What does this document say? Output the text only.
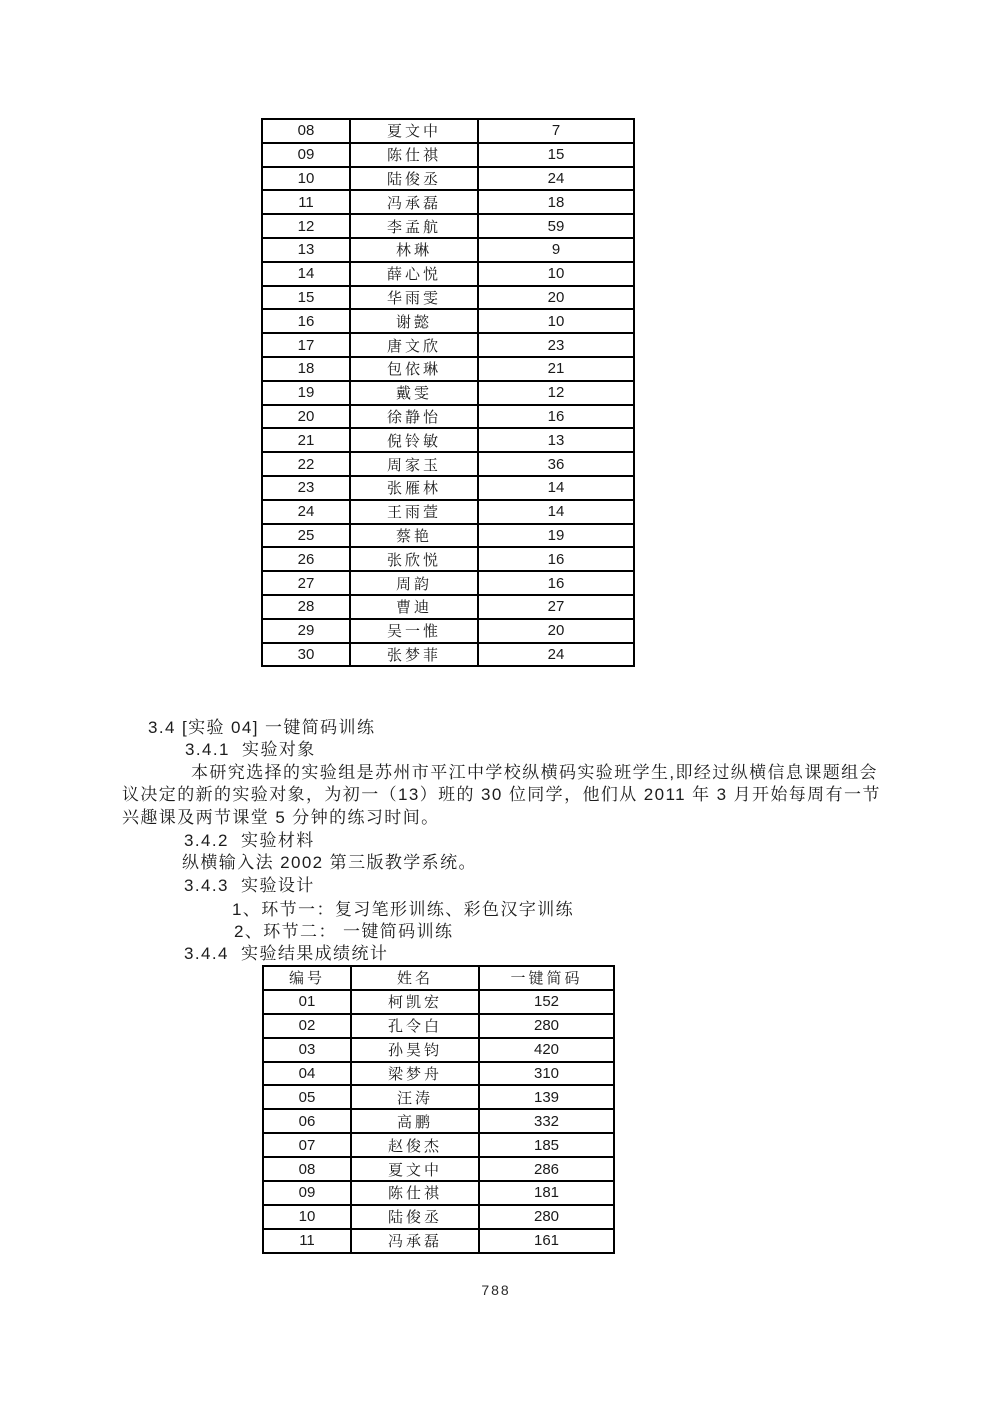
08	夏文中	7
09	陈仕祺	15
10	陆俊丞	24
11	冯承磊	18
12	李孟航	59
13	林琳	9
14	薛心悦	10
15	华雨雯	20
16	谢懿	10
17	唐文欣	23
18	包依琳	21
19	戴雯	12
20	徐静怡	16
21	倪铃敏	13
22	周家玉	36
23	张雁林	14
24	王雨萱	14
25	蔡艳	19
26	张欣悦	16
27	周韵	16
28	曹迪	27
29	吴一惟	20
30	张梦菲	24
3.4 [实验 04] 一键简码训练
3.4.1  实验对象
本研究选择的实验组是苏州市平江中学校纵横码实验班学生,即经过纵横信息课题组会
议决定的新的实验对象，为初一（13）班的 30 位同学，他们从 2011 年 3 月开始每周有一节
兴趣课及两节课堂 5 分钟的练习时间。
3.4.2  实验材料
纵横输入法 2002 第三版教学系统。
3.4.3  实验设计
1、环节一：复习笔形训练、彩色汉字训练
2、环节二： 一键简码训练
3.4.4  实验结果成绩统计
编号	姓名	一键简码
01	柯凯宏	152
02	孔令白	280
03	孙昊钧	420
04	梁梦舟	310
05	汪涛	139
06	高鹏	332
07	赵俊杰	185
08	夏文中	286
09	陈仕祺	181
10	陆俊丞	280
11	冯承磊	161
788
